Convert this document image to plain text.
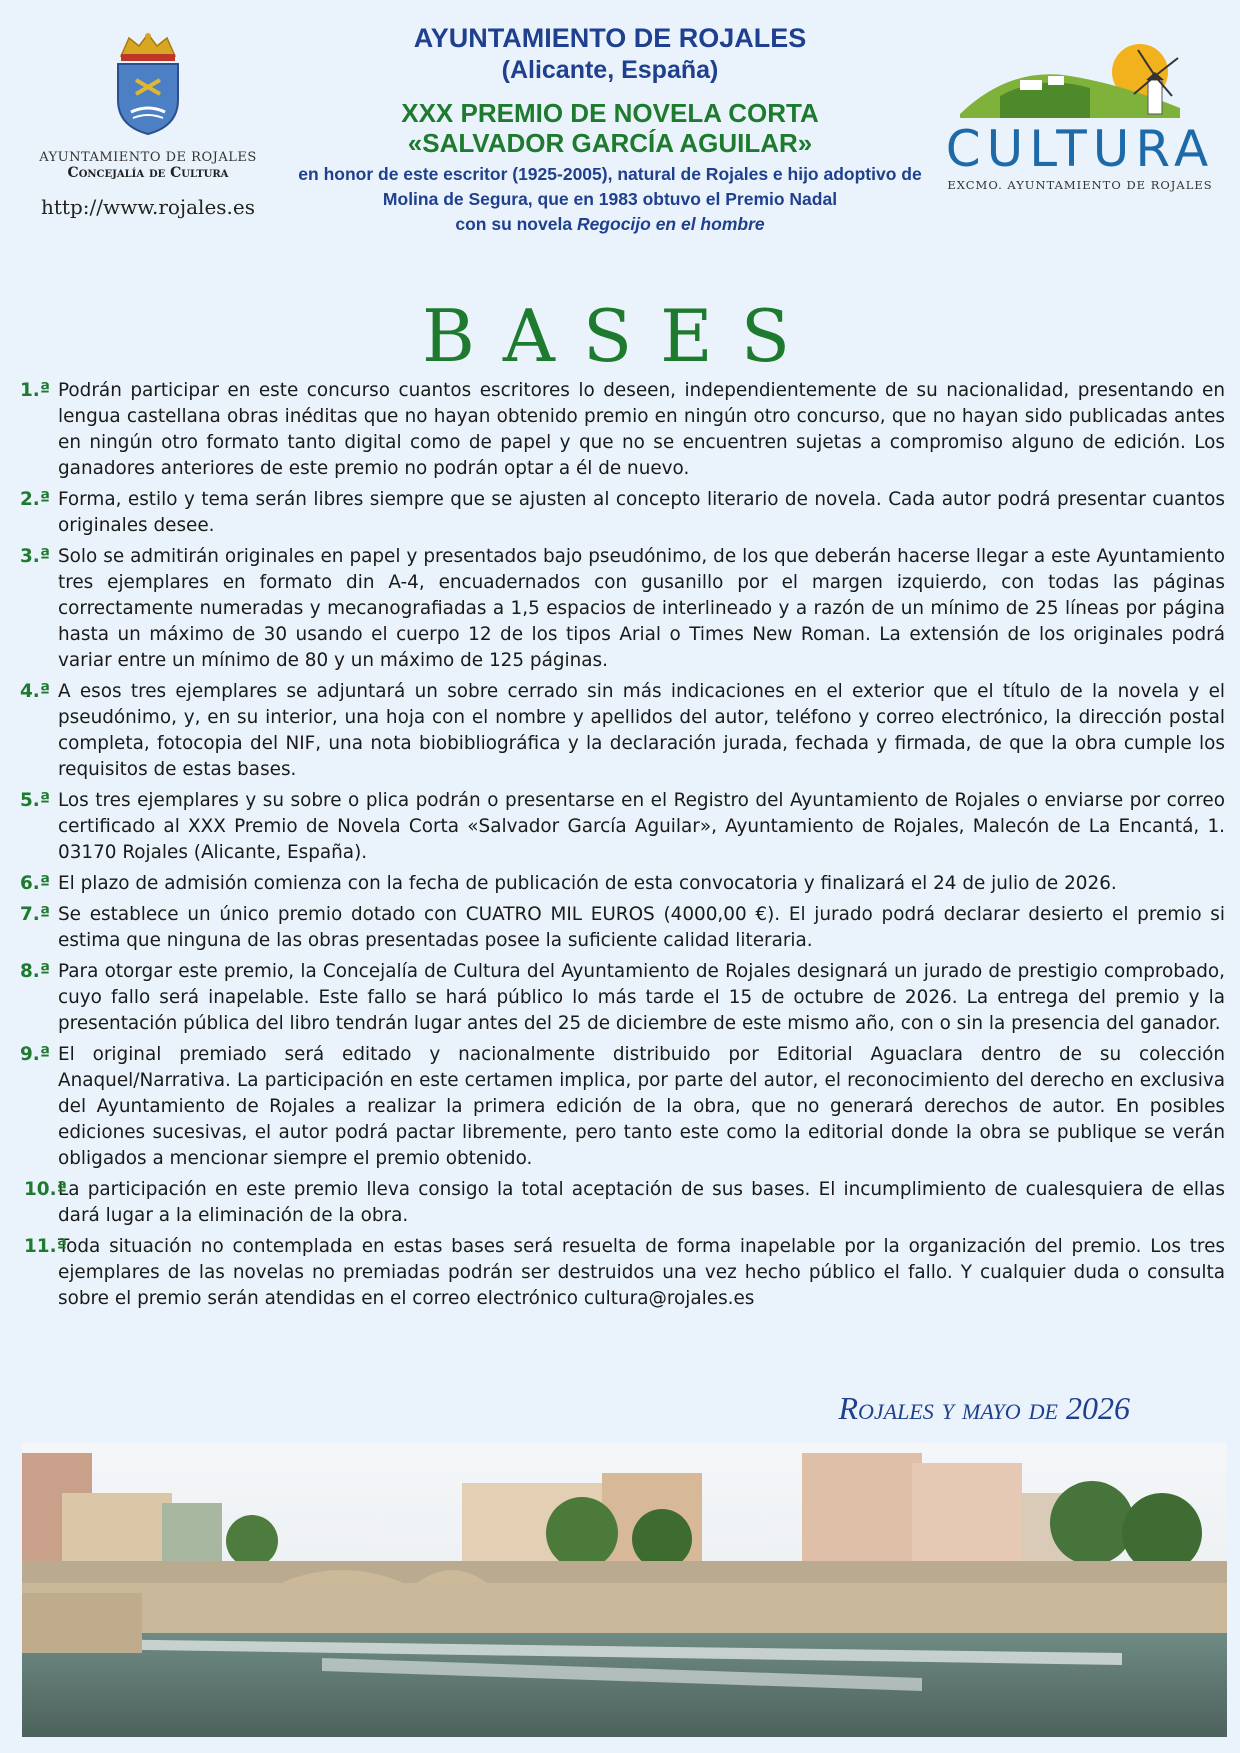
AYUNTAMIENTO DE ROJALES
Concejalía de Cultura
http://www.rojales.es
AYUNTAMIENTO DE ROJALES
(Alicante, España)
XXX PREMIO DE NOVELA CORTA
«SALVADOR GARCÍA AGUILAR»
en honor de este escritor (1925-2005), natural de Rojales e hijo adoptivo de
Molina de Segura, que en 1983 obtuvo el Premio Nadal
con su novela Regocijo en el hombre
CULTURA
EXCMO. AYUNTAMIENTO DE ROJALES
BASES
1.ª Podrán participar en este concurso cuantos escritores lo deseen, independientemente de su nacionalidad, presentando en lengua castellana obras inéditas que no hayan obtenido premio en ningún otro concurso, que no hayan sido publicadas antes en ningún otro formato tanto digital como de papel y que no se encuentren sujetas a compromiso alguno de edición. Los ganadores anteriores de este premio no podrán optar a él de nuevo.
2.ª Forma, estilo y tema serán libres siempre que se ajusten al concepto literario de novela. Cada autor podrá presentar cuantos originales desee.
3.ª Solo se admitirán originales en papel y presentados bajo pseudónimo, de los que deberán hacerse llegar a este Ayuntamiento tres ejemplares en formato din A-4, encuadernados con gusanillo por el margen izquierdo, con todas las páginas correctamente numeradas y mecanografiadas a 1,5 espacios de interlineado y a razón de un mínimo de 25 líneas por página hasta un máximo de 30 usando el cuerpo 12 de los tipos Arial o Times New Roman. La extensión de los originales podrá variar entre un mínimo de 80 y un máximo de 125 páginas.
4.ª A esos tres ejemplares se adjuntará un sobre cerrado sin más indicaciones en el exterior que el título de la novela y el pseudónimo, y, en su interior, una hoja con el nombre y apellidos del autor, teléfono y correo electrónico, la dirección postal completa, fotocopia del NIF, una nota biobibliográfica y la declaración jurada, fechada y firmada, de que la obra cumple los requisitos de estas bases.
5.ª Los tres ejemplares y su sobre o plica podrán o presentarse en el Registro del Ayuntamiento de Rojales o enviarse por correo certificado al XXX Premio de Novela Corta «Salvador García Aguilar», Ayuntamiento de Rojales, Malecón de La Encantá, 1. 03170 Rojales (Alicante, España).
6.ª El plazo de admisión comienza con la fecha de publicación de esta convocatoria y finalizará el 24 de julio de 2026.
7.ª Se establece un único premio dotado con CUATRO MIL EUROS (4000,00 €). El jurado podrá declarar desierto el premio si estima que ninguna de las obras presentadas posee la suficiente calidad literaria.
8.ª Para otorgar este premio, la Concejalía de Cultura del Ayuntamiento de Rojales designará un jurado de prestigio comprobado, cuyo fallo será inapelable. Este fallo se hará público lo más tarde el 15 de octubre de 2026. La entrega del premio y la presentación pública del libro tendrán lugar antes del 25 de diciembre de este mismo año, con o sin la presencia del ganador.
9.ª El original premiado será editado y nacionalmente distribuido por Editorial Aguaclara dentro de su colección Anaquel/Narrativa. La participación en este certamen implica, por parte del autor, el reconocimiento del derecho en exclusiva del Ayuntamiento de Rojales a realizar la primera edición de la obra, que no generará derechos de autor. En posibles ediciones sucesivas, el autor podrá pactar libremente, pero tanto este como la editorial donde la obra se publique se verán obligados a mencionar siempre el premio obtenido.
10.ª
La participación en este premio lleva consigo la total aceptación de sus bases. El incumplimiento de cualesquiera de ellas dará lugar a la eliminación de la obra.
11.ª
Toda situación no contemplada en estas bases será resuelta de forma inapelable por la organización del premio. Los tres ejemplares de las novelas no premiadas podrán ser destruidos una vez hecho público el fallo. Y cualquier duda o consulta sobre el premio serán atendidas en el correo electrónico cultura@rojales.es
Rojales y mayo de 2026
